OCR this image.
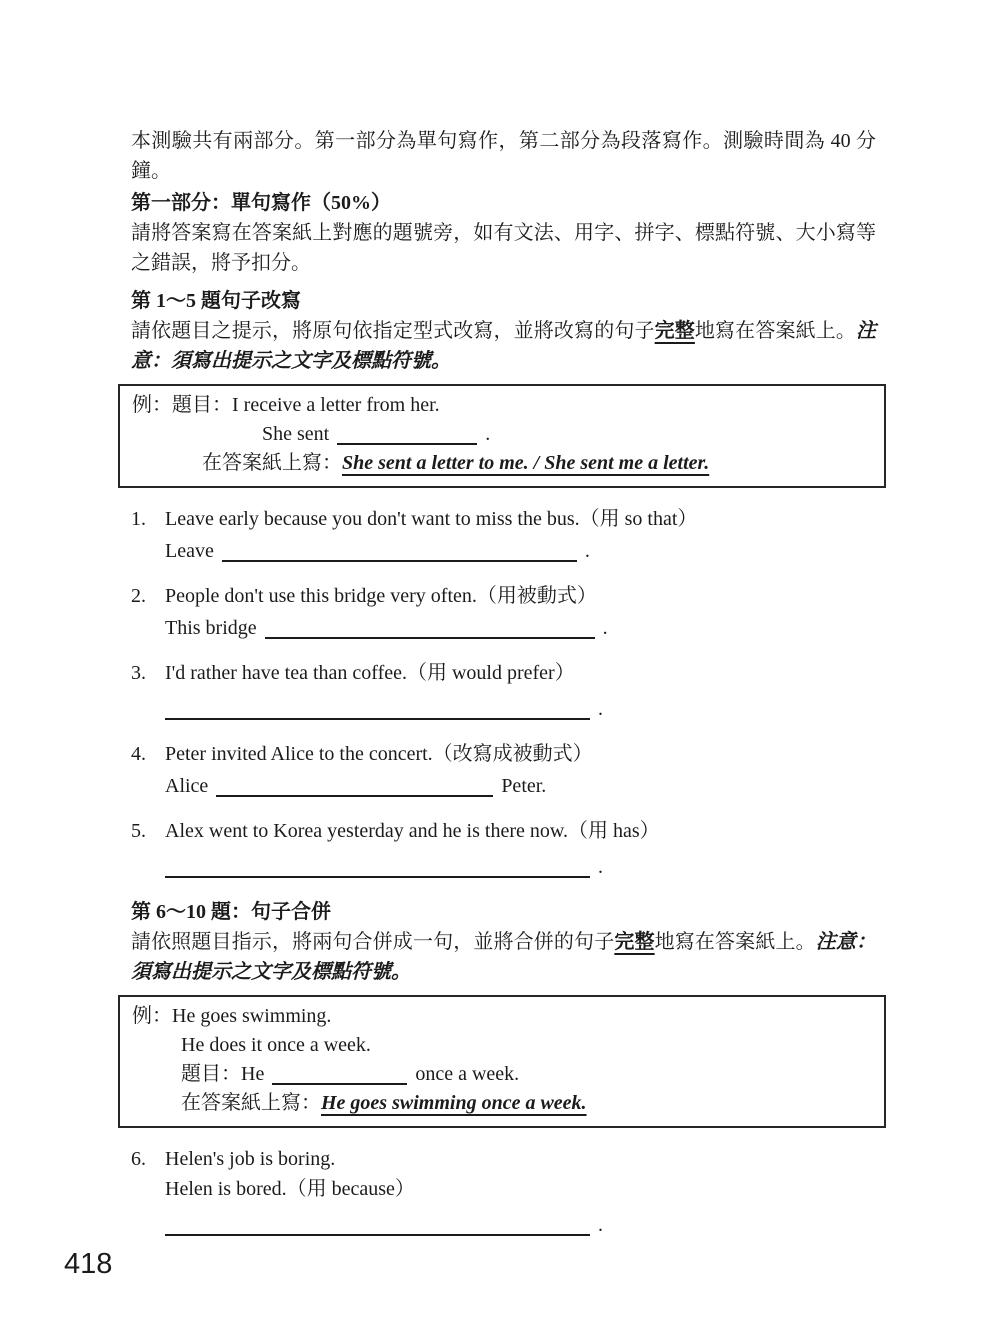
本測驗共有兩部分。第一部分為單句寫作，第二部分為段落寫作。測驗時間為 40 分鐘。

第一部分：單句寫作（50%）

請將答案寫在答案紙上對應的題號旁，如有文法、用字、拼字、標點符號、大小寫等之錯誤，將予扣分。

第 1～5 題句子改寫

請依題目之提示，將原句依指定型式改寫，並將改寫的句子完整地寫在答案紙上。注意：須寫出提示之文字及標點符號。

例：題目：I receive a letter from her.

She sent	.

在答案紙上寫：She sent a letter to me. / She sent me a letter.

1. Leave early because you don't want to miss the bus.（用 so that）

Leave	.

2. People don't use this bridge very often.（用被動式）

This bridge	.

3. I'd rather have tea than coffee.（用 would prefer）

.

4. Peter invited Alice to the concert.（改寫成被動式）

Alice	Peter.

5. Alex went to Korea yesterday and he is there now.（用 has）

.

第 6～10 題：句子合併

請依照題目指示，將兩句合併成一句，並將合併的句子完整地寫在答案紙上。注意：須寫出提示之文字及標點符號。

例：He goes swimming.

He does it once a week.

題目：He	once a week.

在答案紙上寫：He goes swimming once a week.

6. Helen's job is boring.

Helen is bored.（用 because）

.

418
